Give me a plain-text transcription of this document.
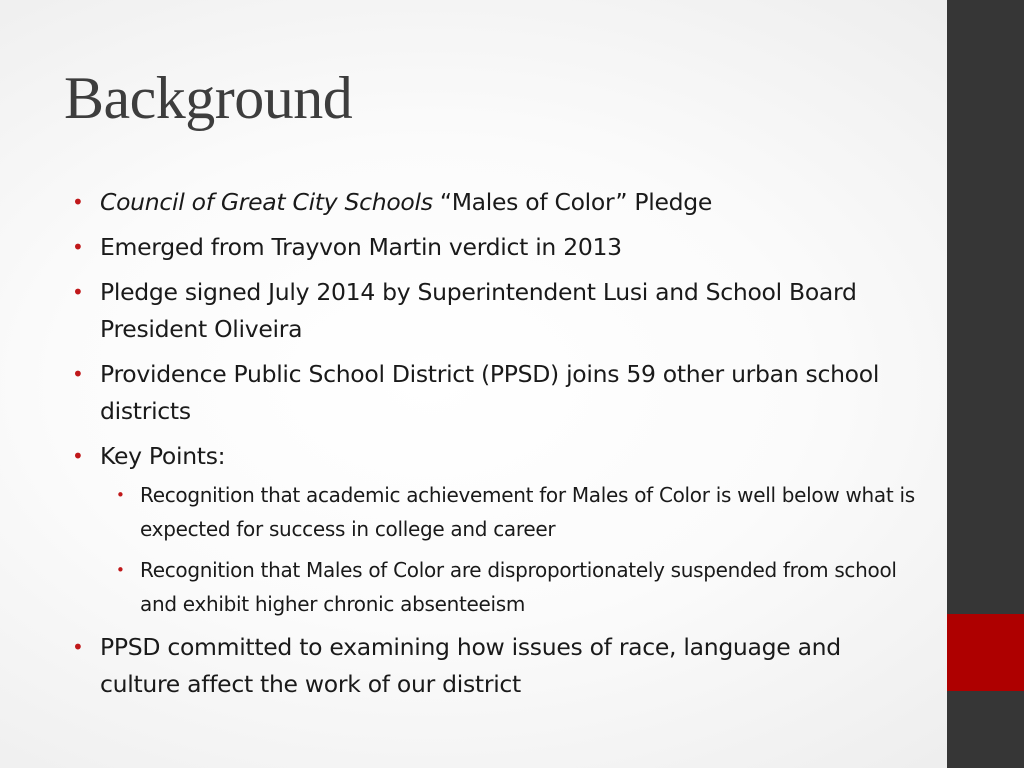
Background
• Council of Great City Schools “Males of Color” Pledge
• Emerged from Trayvon Martin verdict in 2013
• Pledge signed July 2014 by Superintendent Lusi and School Board President Oliveira
• Providence Public School District (PPSD) joins 59 other urban school districts
• Key Points:
• Recognition that academic achievement for Males of Color is well below what is expected for success in college and career
• Recognition that Males of Color are disproportionately suspended from school and exhibit higher chronic absenteeism
• PPSD committed to examining how issues of race, language and culture affect the work of our district
